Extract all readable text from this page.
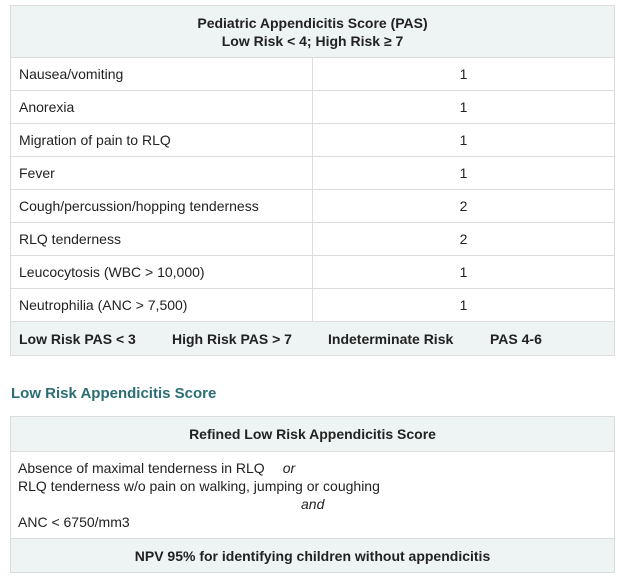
Pediatric Appendicitis Score (PAS)
Low Risk < 4; High Risk ≥ 7	

Nausea/vomiting	1
Anorexia	1
Migration of pain to RLQ	1
Fever	1
Cough/percussion/hopping tenderness	2
RLQ tenderness	2
Leucocytosis (WBC > 10,000)	1
Neutrophilia (ANC > 7,500)	1
Low Risk PAS < 3 High Risk PAS > 7 Indeterminate Risk PAS 4-6	
Low Risk Appendicitis Score
Refined Low Risk Appendicitis Score

Absence of maximal tenderness in RLQ or
RLQ tenderness w/o pain on walking, jumping or coughing
and
ANC < 6750/mm3

NPV 95% for identifying children without appendicitis
